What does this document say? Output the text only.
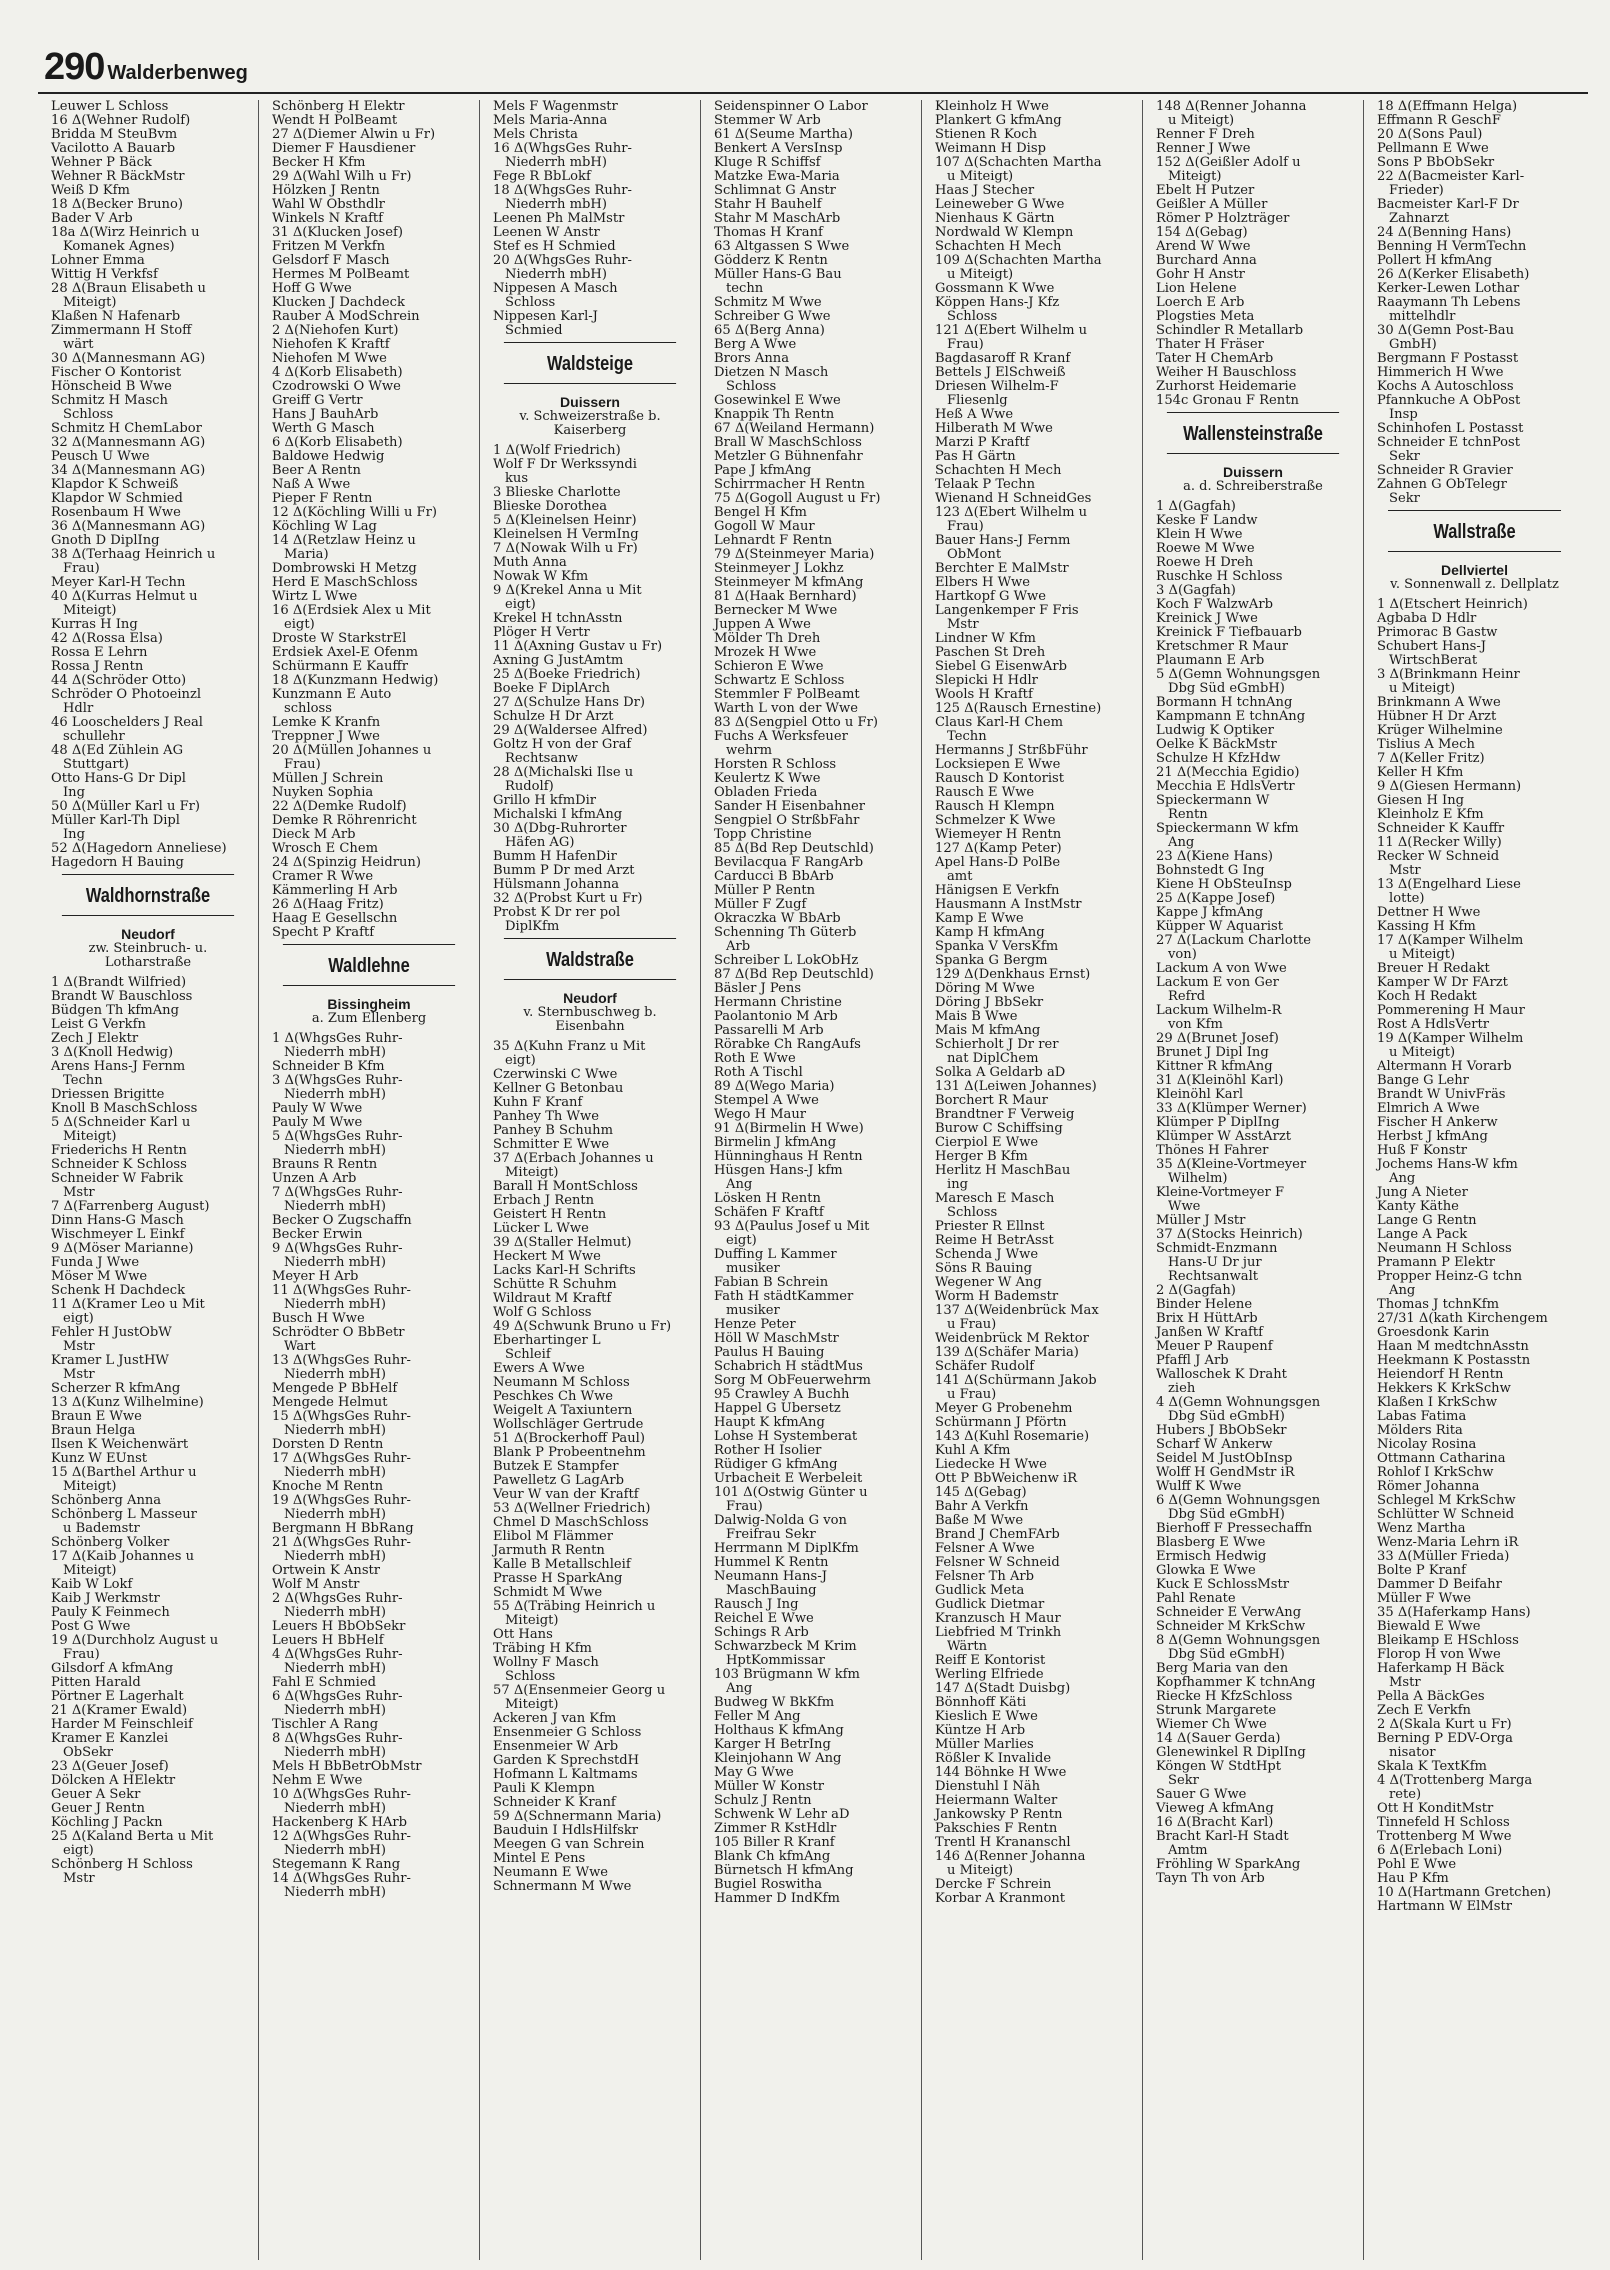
290 Walderbenweg
Leuwer L Schloss
16 Δ(Wehner Rudolf)
Bridda M SteuBvm
Vacilotto A Bauarb
Wehner P Bäck
Wehner R BäckMstr
Weiß D Kfm
18 Δ(Becker Bruno)
Bader V Arb
18a Δ(Wirz Heinrich u
Komanek Agnes)
Lohner Emma
Wittig H Verkfsf
28 Δ(Braun Elisabeth u
Miteigt)
Klaßen N Hafenarb
Zimmermann H Stoff
wärt
30 Δ(Mannesmann AG)
Fischer O Kontorist
Hönscheid B Wwe
Schmitz H Masch
Schloss
Schmitz H ChemLabor
32 Δ(Mannesmann AG)
Peusch U Wwe
34 Δ(Mannesmann AG)
Klapdor K Schweiß
Klapdor W Schmied
Rosenbaum H Wwe
36 Δ(Mannesmann AG)
Gnoth D DiplIng
38 Δ(Terhaag Heinrich u
Frau)
Meyer Karl-H Techn
40 Δ(Kurras Helmut u
Miteigt)
Kurras H Ing
42 Δ(Rossa Elsa)
Rossa E Lehrn
Rossa J Rentn
44 Δ(Schröder Otto)
Schröder O Photoeinzl
Hdlr
46 Looschelders J Real
schullehr
48 Δ(Ed Zühlein AG
Stuttgart)
Otto Hans-G Dr Dipl
Ing
50 Δ(Müller Karl u Fr)
Müller Karl-Th Dipl
Ing
52 Δ(Hagedorn Anneliese)
Hagedorn H Bauing
Waldhornstraße
Neudorf
zw. Steinbruch- u.
Lotharstraße
1 Δ(Brandt Wilfried)
Brandt W Bauschloss
Büdgen Th kfmAng
Leist G Verkfn
Zech J Elektr
3 Δ(Knoll Hedwig)
Arens Hans-J Fernm
Techn
Driessen Brigitte
Knoll B MaschSchloss
5 Δ(Schneider Karl u
Miteigt)
Friederichs H Rentn
Schneider K Schloss
Schneider W Fabrik
Mstr
7 Δ(Farrenberg August)
Dinn Hans-G Masch
Wischmeyer L Einkf
9 Δ(Möser Marianne)
Funda J Wwe
Möser M Wwe
Schenk H Dachdeck
11 Δ(Kramer Leo u Mit
eigt)
Fehler H JustObW
Mstr
Kramer L JustHW
Mstr
Scherzer R kfmAng
13 Δ(Kunz Wilhelmine)
Braun E Wwe
Braun Helga
Ilsen K Weichenwärt
Kunz W EUnst
15 Δ(Barthel Arthur u
Miteigt)
Schönberg Anna
Schönberg L Masseur
u Bademstr
Schönberg Volker
17 Δ(Kaib Johannes u
Miteigt)
Kaib W Lokf
Kaib J Werkmstr
Pauly K Feinmech
Post G Wwe
19 Δ(Durchholz August u
Frau)
Gilsdorf A kfmAng
Pitten Harald
Pörtner E Lagerhalt
21 Δ(Kramer Ewald)
Harder M Feinschleif
Kramer E Kanzlei
ObSekr
23 Δ(Geuer Josef)
Dölcken A HElektr
Geuer A Sekr
Geuer J Rentn
Köchling J Packn
25 Δ(Kaland Berta u Mit
eigt)
Schönberg H Schloss
Mstr
Schönberg H Elektr
Wendt H PolBeamt
27 Δ(Diemer Alwin u Fr)
Diemer F Hausdiener
Becker H Kfm
29 Δ(Wahl Wilh u Fr)
Hölzken J Rentn
Wahl W Obsthdlr
Winkels N Kraftf
31 Δ(Klucken Josef)
Fritzen M Verkfn
Gelsdorf F Masch
Hermes M PolBeamt
Hoff G Wwe
Klucken J Dachdeck
Rauber A ModSchrein
2 Δ(Niehofen Kurt)
Niehofen K Kraftf
Niehofen M Wwe
4 Δ(Korb Elisabeth)
Czodrowski O Wwe
Greiff G Vertr
Hans J BauhArb
Werth G Masch
6 Δ(Korb Elisabeth)
Baldowe Hedwig
Beer A Rentn
Naß A Wwe
Pieper F Rentn
12 Δ(Köchling Willi u Fr)
Köchling W Lag
14 Δ(Retzlaw Heinz u
Maria)
Dombrowski H Metzg
Herd E MaschSchloss
Wirtz L Wwe
16 Δ(Erdsiek Alex u Mit
eigt)
Droste W StarkstrEl
Erdsiek Axel-E Ofenm
Schürmann E Kauffr
18 Δ(Kunzmann Hedwig)
Kunzmann E Auto
schloss
Lemke K Kranfn
Treppner J Wwe
20 Δ(Müllen Johannes u
Frau)
Müllen J Schrein
Nuyken Sophia
22 Δ(Demke Rudolf)
Demke R Röhrenricht
Dieck M Arb
Wrosch E Chem
24 Δ(Spinzig Heidrun)
Cramer R Wwe
Kämmerling H Arb
26 Δ(Haag Fritz)
Haag E Gesellschn
Specht P Kraftf
Waldlehne
Bissingheim
a. Zum Ellenberg
1 Δ(WhgsGes Ruhr-
Niederrh mbH)
Schneider B Kfm
3 Δ(WhgsGes Ruhr-
Niederrh mbH)
Pauly W Wwe
Pauly M Wwe
5 Δ(WhgsGes Ruhr-
Niederrh mbH)
Brauns R Rentn
Unzen A Arb
7 Δ(WhgsGes Ruhr-
Niederrh mbH)
Becker O Zugschaffn
Becker Erwin
9 Δ(WhgsGes Ruhr-
Niederrh mbH)
Meyer H Arb
11 Δ(WhgsGes Ruhr-
Niederrh mbH)
Busch H Wwe
Schrödter O BbBetr
Wart
13 Δ(WhgsGes Ruhr-
Niederrh mbH)
Mengede P BbHelf
Mengede Helmut
15 Δ(WhgsGes Ruhr-
Niederrh mbH)
Dorsten D Rentn
17 Δ(WhgsGes Ruhr-
Niederrh mbH)
Knoche M Rentn
19 Δ(WhgsGes Ruhr-
Niederrh mbH)
Bergmann H BbRang
21 Δ(WhgsGes Ruhr-
Niederrh mbH)
Ortwein K Anstr
Wolf M Anstr
2 Δ(WhgsGes Ruhr-
Niederrh mbH)
Leuers H BbObSekr
Leuers H BbHelf
4 Δ(WhgsGes Ruhr-
Niederrh mbH)
Fahl E Schmied
6 Δ(WhgsGes Ruhr-
Niederrh mbH)
Tischler A Rang
8 Δ(WhgsGes Ruhr-
Niederrh mbH)
Mels H BbBetrObMstr
Nehm E Wwe
10 Δ(WhgsGes Ruhr-
Niederrh mbH)
Hackenberg K HArb
12 Δ(WhgsGes Ruhr-
Niederrh mbH)
Stegemann K Rang
14 Δ(WhgsGes Ruhr-
Niederrh mbH)
Mels F Wagenmstr
Mels Maria-Anna
Mels Christa
16 Δ(WhgsGes Ruhr-
Niederrh mbH)
Fege R BbLokf
18 Δ(WhgsGes Ruhr-
Niederrh mbH)
Leenen Ph MalMstr
Leenen W Anstr
Stef es H Schmied
20 Δ(WhgsGes Ruhr-
Niederrh mbH)
Nippesen A Masch
Schloss
Nippesen Karl-J
Schmied
Waldsteige
Duissern
v. Schweizerstraße b.
Kaiserberg
1 Δ(Wolf Friedrich)
Wolf F Dr Werkssyndi
kus
3 Blieske Charlotte
Blieske Dorothea
5 Δ(Kleinelsen Heinr)
Kleinelsen H VermIng
7 Δ(Nowak Wilh u Fr)
Muth Anna
Nowak W Kfm
9 Δ(Krekel Anna u Mit
eigt)
Krekel H tchnAsstn
Plöger H Vertr
11 Δ(Axning Gustav u Fr)
Axning G JustAmtm
25 Δ(Boeke Friedrich)
Boeke F DiplArch
27 Δ(Schulze Hans Dr)
Schulze H Dr Arzt
29 Δ(Waldersee Alfred)
Goltz H von der Graf
Rechtsanw
28 Δ(Michalski Ilse u
Rudolf)
Grillo H kfmDir
Michalski I kfmAng
30 Δ(Dbg-Ruhrorter
Häfen AG)
Bumm H HafenDir
Bumm P Dr med Arzt
Hülsmann Johanna
32 Δ(Probst Kurt u Fr)
Probst K Dr rer pol
DiplKfm
Waldstraße
Neudorf
v. Sternbuschweg b.
Eisenbahn
35 Δ(Kuhn Franz u Mit
eigt)
Czerwinski C Wwe
Kellner G Betonbau
Kuhn F Kranf
Panhey Th Wwe
Panhey B Schuhm
Schmitter E Wwe
37 Δ(Erbach Johannes u
Miteigt)
Barall H MontSchloss
Erbach J Rentn
Geistert H Rentn
Lücker L Wwe
39 Δ(Staller Helmut)
Heckert M Wwe
Lacks Karl-H Schrifts
Schütte R Schuhm
Wildraut M Kraftf
Wolf G Schloss
49 Δ(Schwunk Bruno u Fr)
Eberhartinger L
Schleif
Ewers A Wwe
Neumann M Schloss
Peschkes Ch Wwe
Weigelt A Taxiuntern
Wollschläger Gertrude
51 Δ(Brockerhoff Paul)
Blank P Probeentnehm
Butzek E Stampfer
Pawelletz G LagArb
Veur W van der Kraftf
53 Δ(Wellner Friedrich)
Chmel D MaschSchloss
Elibol M Flämmer
Jarmuth R Rentn
Kalle B Metallschleif
Prasse H SparkAng
Schmidt M Wwe
55 Δ(Träbing Heinrich u
Miteigt)
Ott Hans
Träbing H Kfm
Wollny F Masch
Schloss
57 Δ(Ensenmeier Georg u
Miteigt)
Ackeren J van Kfm
Ensenmeier G Schloss
Ensenmeier W Arb
Garden K SprechstdH
Hofmann L Kaltmams
Pauli K Klempn
Schneider K Kranf
59 Δ(Schnermann Maria)
Bauduin I HdlsHilfskr
Meegen G van Schrein
Mintel E Pens
Neumann E Wwe
Schnermann M Wwe
Seidenspinner O Labor
Stemmer W Arb
61 Δ(Seume Martha)
Benkert A VersInsp
Kluge R Schiffsf
Matzke Ewa-Maria
Schlimnat G Anstr
Stahr H Bauhelf
Stahr M MaschArb
Thomas H Kranf
63 Altgassen S Wwe
Gödderz K Rentn
Müller Hans-G Bau
techn
Schmitz M Wwe
Schreiber G Wwe
65 Δ(Berg Anna)
Berg A Wwe
Brors Anna
Dietzen N Masch
Schloss
Gosewinkel E Wwe
Knappik Th Rentn
67 Δ(Weiland Hermann)
Brall W MaschSchloss
Metzler G Bühnenfahr
Pape J kfmAng
Schirrmacher H Rentn
75 Δ(Gogoll August u Fr)
Bengel H Kfm
Gogoll W Maur
Lehnardt F Rentn
79 Δ(Steinmeyer Maria)
Steinmeyer J Lokhz
Steinmeyer M kfmAng
81 Δ(Haak Bernhard)
Bernecker M Wwe
Juppen A Wwe
Mölder Th Dreh
Mrozek H Wwe
Schieron E Wwe
Schwartz E Schloss
Stemmler F PolBeamt
Warth L von der Wwe
83 Δ(Sengpiel Otto u Fr)
Fuchs A Werksfeuer
wehrm
Horsten R Schloss
Keulertz K Wwe
Obladen Frieda
Sander H Eisenbahner
Sengpiel O StrßbFahr
Topp Christine
85 Δ(Bd Rep Deutschld)
Bevilacqua F RangArb
Carducci B BbArb
Müller P Rentn
Müller F Zugf
Okraczka W BbArb
Schenning Th Güterb
Arb
Schreiber L LokObHz
87 Δ(Bd Rep Deutschld)
Bäsler J Pens
Hermann Christine
Paolantonio M Arb
Passarelli M Arb
Rörabke Ch RangAufs
Roth E Wwe
Roth A Tischl
89 Δ(Wego Maria)
Stempel A Wwe
Wego H Maur
91 Δ(Birmelin H Wwe)
Birmelin J kfmAng
Hünninghaus H Rentn
Hüsgen Hans-J kfm
Ang
Lösken H Rentn
Schäfen F Kraftf
93 Δ(Paulus Josef u Mit
eigt)
Duffing L Kammer
musiker
Fabian B Schrein
Fath H städtKammer
musiker
Henze Peter
Höll W MaschMstr
Paulus H Bauing
Schabrich H städtMus
Sorg M ObFeuerwehrm
95 Crawley A Buchh
Happel G Übersetz
Haupt K kfmAng
Lohse H Systemberat
Rother H Isolier
Rüdiger G kfmAng
Urbacheit E Werbeleit
101 Δ(Ostwig Günter u
Frau)
Dalwig-Nolda G von
Freifrau Sekr
Herrmann M DiplKfm
Hummel K Rentn
Neumann Hans-J
MaschBauing
Rausch J Ing
Reichel E Wwe
Schings R Arb
Schwarzbeck M Krim
HptKommissar
103 Brügmann W kfm
Ang
Budweg W BkKfm
Feller M Ang
Holthaus K kfmAng
Karger H BetrIng
Kleinjohann W Ang
May G Wwe
Müller W Konstr
Schulz J Rentn
Schwenk W Lehr aD
Zimmer R KstHdlr
105 Biller R Kranf
Blank Ch kfmAng
Bürnetsch H kfmAng
Bugiel Roswitha
Hammer D IndKfm
Kleinholz H Wwe
Plankert G kfmAng
Stienen R Koch
Weimann H Disp
107 Δ(Schachten Martha
u Miteigt)
Haas J Stecher
Leineweber G Wwe
Nienhaus K Gärtn
Nordwald W Klempn
Schachten H Mech
109 Δ(Schachten Martha
u Miteigt)
Gossmann K Wwe
Köppen Hans-J Kfz
Schloss
121 Δ(Ebert Wilhelm u
Frau)
Bagdasaroff R Kranf
Bettels J ElSchweiß
Driesen Wilhelm-F
Fliesenlg
Heß A Wwe
Hilberath M Wwe
Marzi P Kraftf
Pas H Gärtn
Schachten H Mech
Telaak P Techn
Wienand H SchneidGes
123 Δ(Ebert Wilhelm u
Frau)
Bauer Hans-J Fernm
ObMont
Berchter E MalMstr
Elbers H Wwe
Hartkopf G Wwe
Langenkemper F Fris
Mstr
Lindner W Kfm
Paschen St Dreh
Siebel G EisenwArb
Slepicki H Hdlr
Wools H Kraftf
125 Δ(Rausch Ernestine)
Claus Karl-H Chem
Techn
Hermanns J StrßbFühr
Locksiepen E Wwe
Rausch D Kontorist
Rausch E Wwe
Rausch H Klempn
Schmelzer K Wwe
Wiemeyer H Rentn
127 Δ(Kamp Peter)
Apel Hans-D PolBe
amt
Hänigsen E Verkfn
Hausmann A InstMstr
Kamp E Wwe
Kamp H kfmAng
Spanka V VersKfm
Spanka G Bergm
129 Δ(Denkhaus Ernst)
Döring M Wwe
Döring J BbSekr
Mais B Wwe
Mais M kfmAng
Schierholt J Dr rer
nat DiplChem
Solka A Geldarb aD
131 Δ(Leiwen Johannes)
Borchert R Maur
Brandtner F Verweig
Burow C Schiffsing
Cierpiol E Wwe
Herger B Kfm
Herlitz H MaschBau
ing
Maresch E Masch
Schloss
Priester R Ellnst
Reime H BetrAsst
Schenda J Wwe
Söns R Bauing
Wegener W Ang
Worm H Bademstr
137 Δ(Weidenbrück Max
u Frau)
Weidenbrück M Rektor
139 Δ(Schäfer Maria)
Schäfer Rudolf
141 Δ(Schürmann Jakob
u Frau)
Meyer G Probenehm
Schürmann J Pförtn
143 Δ(Kuhl Rosemarie)
Kuhl A Kfm
Liedecke H Wwe
Ott P BbWeichenw iR
145 Δ(Gebag)
Bahr A Verkfn
Baße M Wwe
Brand J ChemFArb
Felsner A Wwe
Felsner W Schneid
Felsner Th Arb
Gudlick Meta
Gudlick Dietmar
Kranzusch H Maur
Liebfried M Trinkh
Wärtn
Reiff E Kontorist
Werling Elfriede
147 Δ(Stadt Duisbg)
Bönnhoff Käti
Kieslich E Wwe
Küntze H Arb
Müller Marlies
Rößler K Invalide
144 Böhnke H Wwe
Dienstuhl I Näh
Heiermann Walter
Jankowsky P Rentn
Pakschies F Rentn
Trentl H Krananschl
146 Δ(Renner Johanna
u Miteigt)
Dercke F Schrein
Korbar A Kranmont
148 Δ(Renner Johanna
u Miteigt)
Renner F Dreh
Renner J Wwe
152 Δ(Geißler Adolf u
Miteigt)
Ebelt H Putzer
Geißler A Müller
Römer P Holzträger
154 Δ(Gebag)
Arend W Wwe
Burchard Anna
Gohr H Anstr
Lion Helene
Loerch E Arb
Plogsties Meta
Schindler R Metallarb
Thater H Fräser
Tater H ChemArb
Weiher H Bauschloss
Zurhorst Heidemarie
154c Gronau F Rentn
Wallensteinstraße
Duissern
a. d. Schreiberstraße
1 Δ(Gagfah)
Keske F Landw
Klein H Wwe
Roewe M Wwe
Roewe H Dreh
Ruschke H Schloss
3 Δ(Gagfah)
Koch F WalzwArb
Kreinick J Wwe
Kreinick F Tiefbauarb
Kretschmer R Maur
Plaumann E Arb
5 Δ(Gemn Wohnungsgen
Dbg Süd eGmbH)
Bormann H tchnAng
Kampmann E tchnAng
Ludwig K Optiker
Oelke K BäckMstr
Schulze H KfzHdw
21 Δ(Mecchia Egidio)
Mecchia E HdlsVertr
Spieckermann W
Rentn
Spieckermann W kfm
Ang
23 Δ(Kiene Hans)
Bohnstedt G Ing
Kiene H ObSteuInsp
25 Δ(Kappe Josef)
Kappe J kfmAng
Küpper W Aquarist
27 Δ(Lackum Charlotte
von)
Lackum A von Wwe
Lackum E von Ger
Refrd
Lackum Wilhelm-R
von Kfm
29 Δ(Brunet Josef)
Brunet J Dipl Ing
Kittner R kfmAng
31 Δ(Kleinöhl Karl)
Kleinöhl Karl
33 Δ(Klümper Werner)
Klümper P DiplIng
Klümper W AsstArzt
Thönes H Fahrer
35 Δ(Kleine-Vortmeyer
Wilhelm)
Kleine-Vortmeyer F
Wwe
Müller J Mstr
37 Δ(Stocks Heinrich)
Schmidt-Enzmann
Hans-U Dr jur
Rechtsanwalt
2 Δ(Gagfah)
Binder Helene
Brix H HüttArb
Janßen W Kraftf
Meuer P Raupenf
Pfaffl J Arb
Walloschek K Draht
zieh
4 Δ(Gemn Wohnungsgen
Dbg Süd eGmbH)
Hubers J BbObSekr
Scharf W Ankerw
Seidel M JustObInsp
Wolff H GendMstr iR
Wulff K Wwe
6 Δ(Gemn Wohnungsgen
Dbg Süd eGmbH)
Bierhoff F Pressechaffn
Blasberg E Wwe
Ermisch Hedwig
Glowka E Wwe
Kuck E SchlossMstr
Pahl Renate
Schneider E VerwAng
Schneider M KrkSchw
8 Δ(Gemn Wohnungsgen
Dbg Süd eGmbH)
Berg Maria van den
Kopfhammer K tchnAng
Riecke H KfzSchloss
Strunk Margarete
Wiemer Ch Wwe
14 Δ(Sauer Gerda)
Glenewinkel R DiplIng
Köngen W StdtHpt
Sekr
Sauer G Wwe
Vieweg A kfmAng
16 Δ(Bracht Karl)
Bracht Karl-H Stadt
Amtm
Fröhling W SparkAng
Tayn Th von Arb
18 Δ(Effmann Helga)
Effmann R GeschF
20 Δ(Sons Paul)
Pellmann E Wwe
Sons P BbObSekr
22 Δ(Bacmeister Karl-
Frieder)
Bacmeister Karl-F Dr
Zahnarzt
24 Δ(Benning Hans)
Benning H VermTechn
Pollert H kfmAng
26 Δ(Kerker Elisabeth)
Kerker-Lewen Lothar
Raaymann Th Lebens
mittelhdlr
30 Δ(Gemn Post-Bau
GmbH)
Bergmann F Postasst
Himmerich H Wwe
Kochs A Autoschloss
Pfannkuche A ObPost
Insp
Schinhofen L Postasst
Schneider E tchnPost
Sekr
Schneider R Gravier
Zahnen G ObTelegr
Sekr
Wallstraße
Dellviertel
v. Sonnenwall z. Dellplatz
1 Δ(Etschert Heinrich)
Agbaba D Hdlr
Primorac B Gastw
Schubert Hans-J
WirtschBerat
3 Δ(Brinkmann Heinr
u Miteigt)
Brinkmann A Wwe
Hübner H Dr Arzt
Krüger Wilhelmine
Tislius A Mech
7 Δ(Keller Fritz)
Keller H Kfm
9 Δ(Giesen Hermann)
Giesen H Ing
Kleinholz E Kfm
Schneider K Kauffr
11 Δ(Recker Willy)
Recker W Schneid
Mstr
13 Δ(Engelhard Liese
lotte)
Dettner H Wwe
Kassing H Kfm
17 Δ(Kamper Wilhelm
u Miteigt)
Breuer H Redakt
Kamper W Dr FArzt
Koch H Redakt
Pommerening H Maur
Rost A HdlsVertr
19 Δ(Kamper Wilhelm
u Miteigt)
Altermann H Vorarb
Bange G Lehr
Brandt W UnivFräs
Elmrich A Wwe
Fischer H Ankerw
Herbst J kfmAng
Huß F Konstr
Jochems Hans-W kfm
Ang
Jung A Nieter
Kanty Käthe
Lange G Rentn
Lange A Pack
Neumann H Schloss
Pramann P Elektr
Propper Heinz-G tchn
Ang
Thomas J tchnKfm
27/31 Δ(kath Kirchengem
Groesdonk Karin
Haan M medtchnAsstn
Heekmann K Postasstn
Heiendorf H Rentn
Hekkers K KrkSchw
Klaßen I KrkSchw
Labas Fatima
Mölders Rita
Nicolay Rosina
Ottmann Catharina
Rohlof I KrkSchw
Römer Johanna
Schlegel M KrkSchw
Schlütter W Schneid
Wenz Martha
Wenz-Maria Lehrn iR
33 Δ(Müller Frieda)
Bolte P Kranf
Dammer D Beifahr
Müller F Wwe
35 Δ(Haferkamp Hans)
Biewald E Wwe
Bleikamp E HSchloss
Florop H von Wwe
Haferkamp H Bäck
Mstr
Pella A BäckGes
Zech E Verkfn
2 Δ(Skala Kurt u Fr)
Berning P EDV-Orga
nisator
Skala K TextKfm
4 Δ(Trottenberg Marga
rete)
Ott H KonditMstr
Tinnefeld H Schloss
Trottenberg M Wwe
6 Δ(Erlebach Loni)
Pohl E Wwe
Hau P Kfm
10 Δ(Hartmann Gretchen)
Hartmann W ElMstr
